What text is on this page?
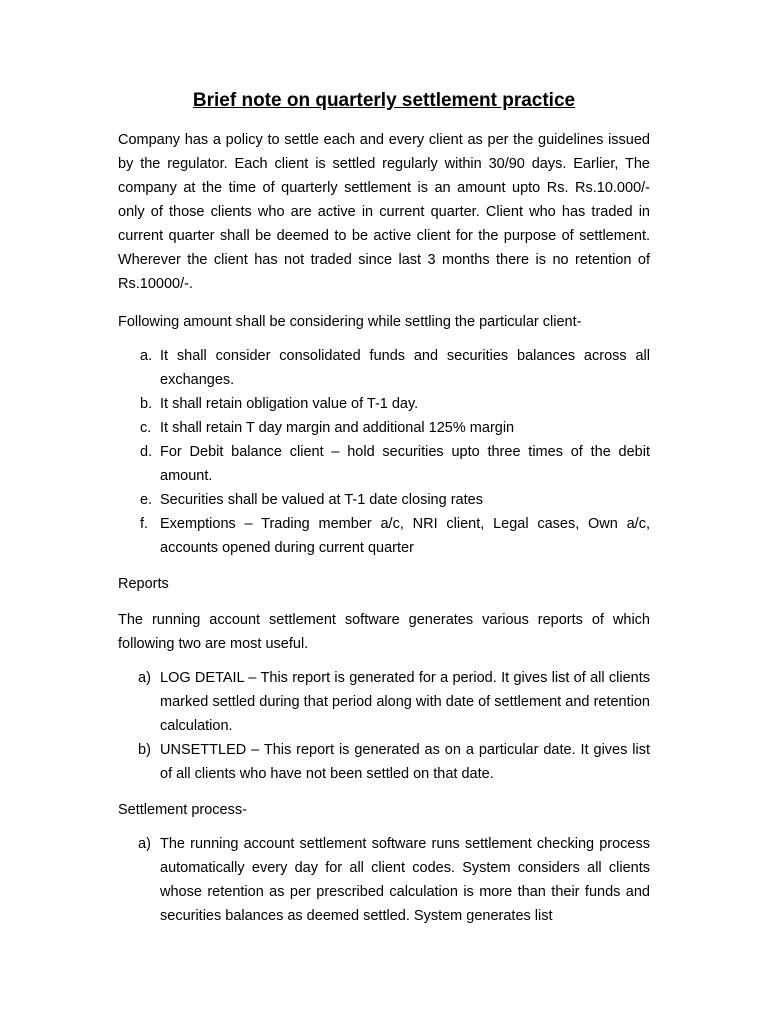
Brief note on quarterly settlement practice

Company has a policy to settle each and every client as per the guidelines issued by the regulator. Each client is settled regularly within 30/90 days. Earlier, The company at the time of quarterly settlement is an amount upto Rs. Rs.10.000/- only of those clients who are active in current quarter. Client who has traded in current quarter shall be deemed to be active client for the purpose of settlement. Wherever the client has not traded since last 3 months there is no retention of Rs.10000/-.

Following amount shall be considering while settling the particular client-

a. It shall consider consolidated funds and securities balances across all exchanges.
b. It shall retain obligation value of T-1 day.
c. It shall retain T day margin and additional 125% margin
d. For Debit balance client – hold securities upto three times of the debit amount.
e. Securities shall be valued at T-1 date closing rates
f. Exemptions – Trading member a/c, NRI client, Legal cases, Own a/c, accounts opened during current quarter

Reports

The running account settlement software generates various reports of which following two are most useful.

a) LOG DETAIL – This report is generated for a period. It gives list of all clients marked settled during that period along with date of settlement and retention calculation.
b) UNSETTLED – This report is generated as on a particular date. It gives list of all clients who have not been settled on that date.

Settlement process-

a) The running account settlement software runs settlement checking process automatically every day for all client codes. System considers all clients whose retention as per prescribed calculation is more than their funds and securities balances as deemed settled. System generates list
